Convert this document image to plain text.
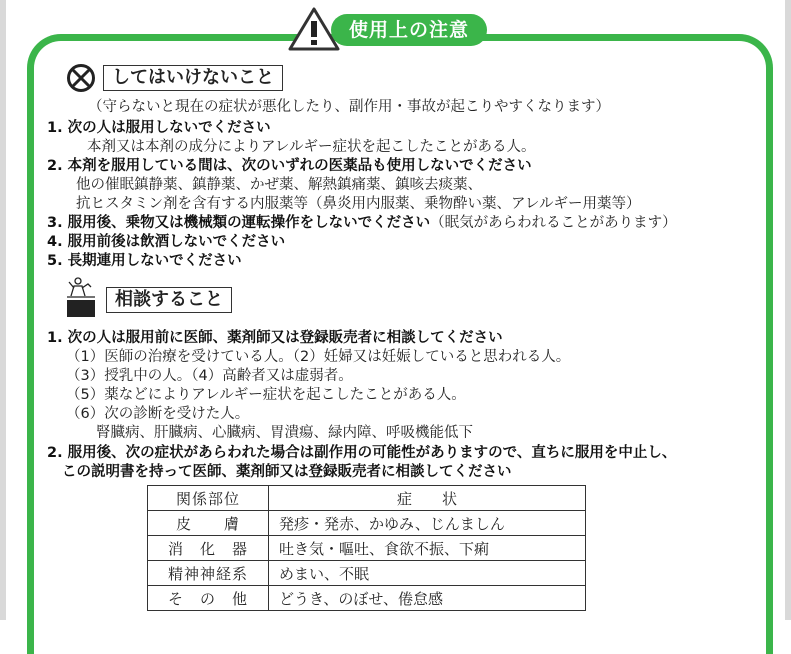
使用上の注意
してはいけないこと
（守らないと現在の症状が悪化したり、副作用・事故が起こりやすくなります）
1. 次の人は服用しないでください
本剤又は本剤の成分によりアレルギー症状を起こしたことがある人。
2. 本剤を服用している間は、次のいずれの医薬品も使用しないでください
他の催眠鎮静薬、鎮静薬、かぜ薬、解熱鎮痛薬、鎮咳去痰薬、
抗ヒスタミン剤を含有する内服薬等（鼻炎用内服薬、乗物酔い薬、アレルギー用薬等）
3. 服用後、乗物又は機械類の運転操作をしないでください（眠気があらわれることがあります）
4. 服用前後は飲酒しないでください
5. 長期連用しないでください
相談すること
1. 次の人は服用前に医師、薬剤師又は登録販売者に相談してください
（1）医師の治療を受けている人。（2）妊婦又は妊娠していると思われる人。
（3）授乳中の人。（4）高齢者又は虚弱者。
（5）薬などによりアレルギー症状を起こしたことがある人。
（6）次の診断を受けた人。
腎臓病、肝臓病、心臓病、胃潰瘍、緑内障、呼吸機能低下
2. 服用後、次の症状があらわれた場合は副作用の可能性がありますので、直ちに服用を中止し、
この説明書を持って医師、薬剤師又は登録販売者に相談してください
関係部位	症　　状
皮　　膚	発疹・発赤、かゆみ、じんましん
消　化　器	吐き気・嘔吐、食欲不振、下痢
精神神経系	めまい、不眠
そ　の　他	どうき、のぼせ、倦怠感
